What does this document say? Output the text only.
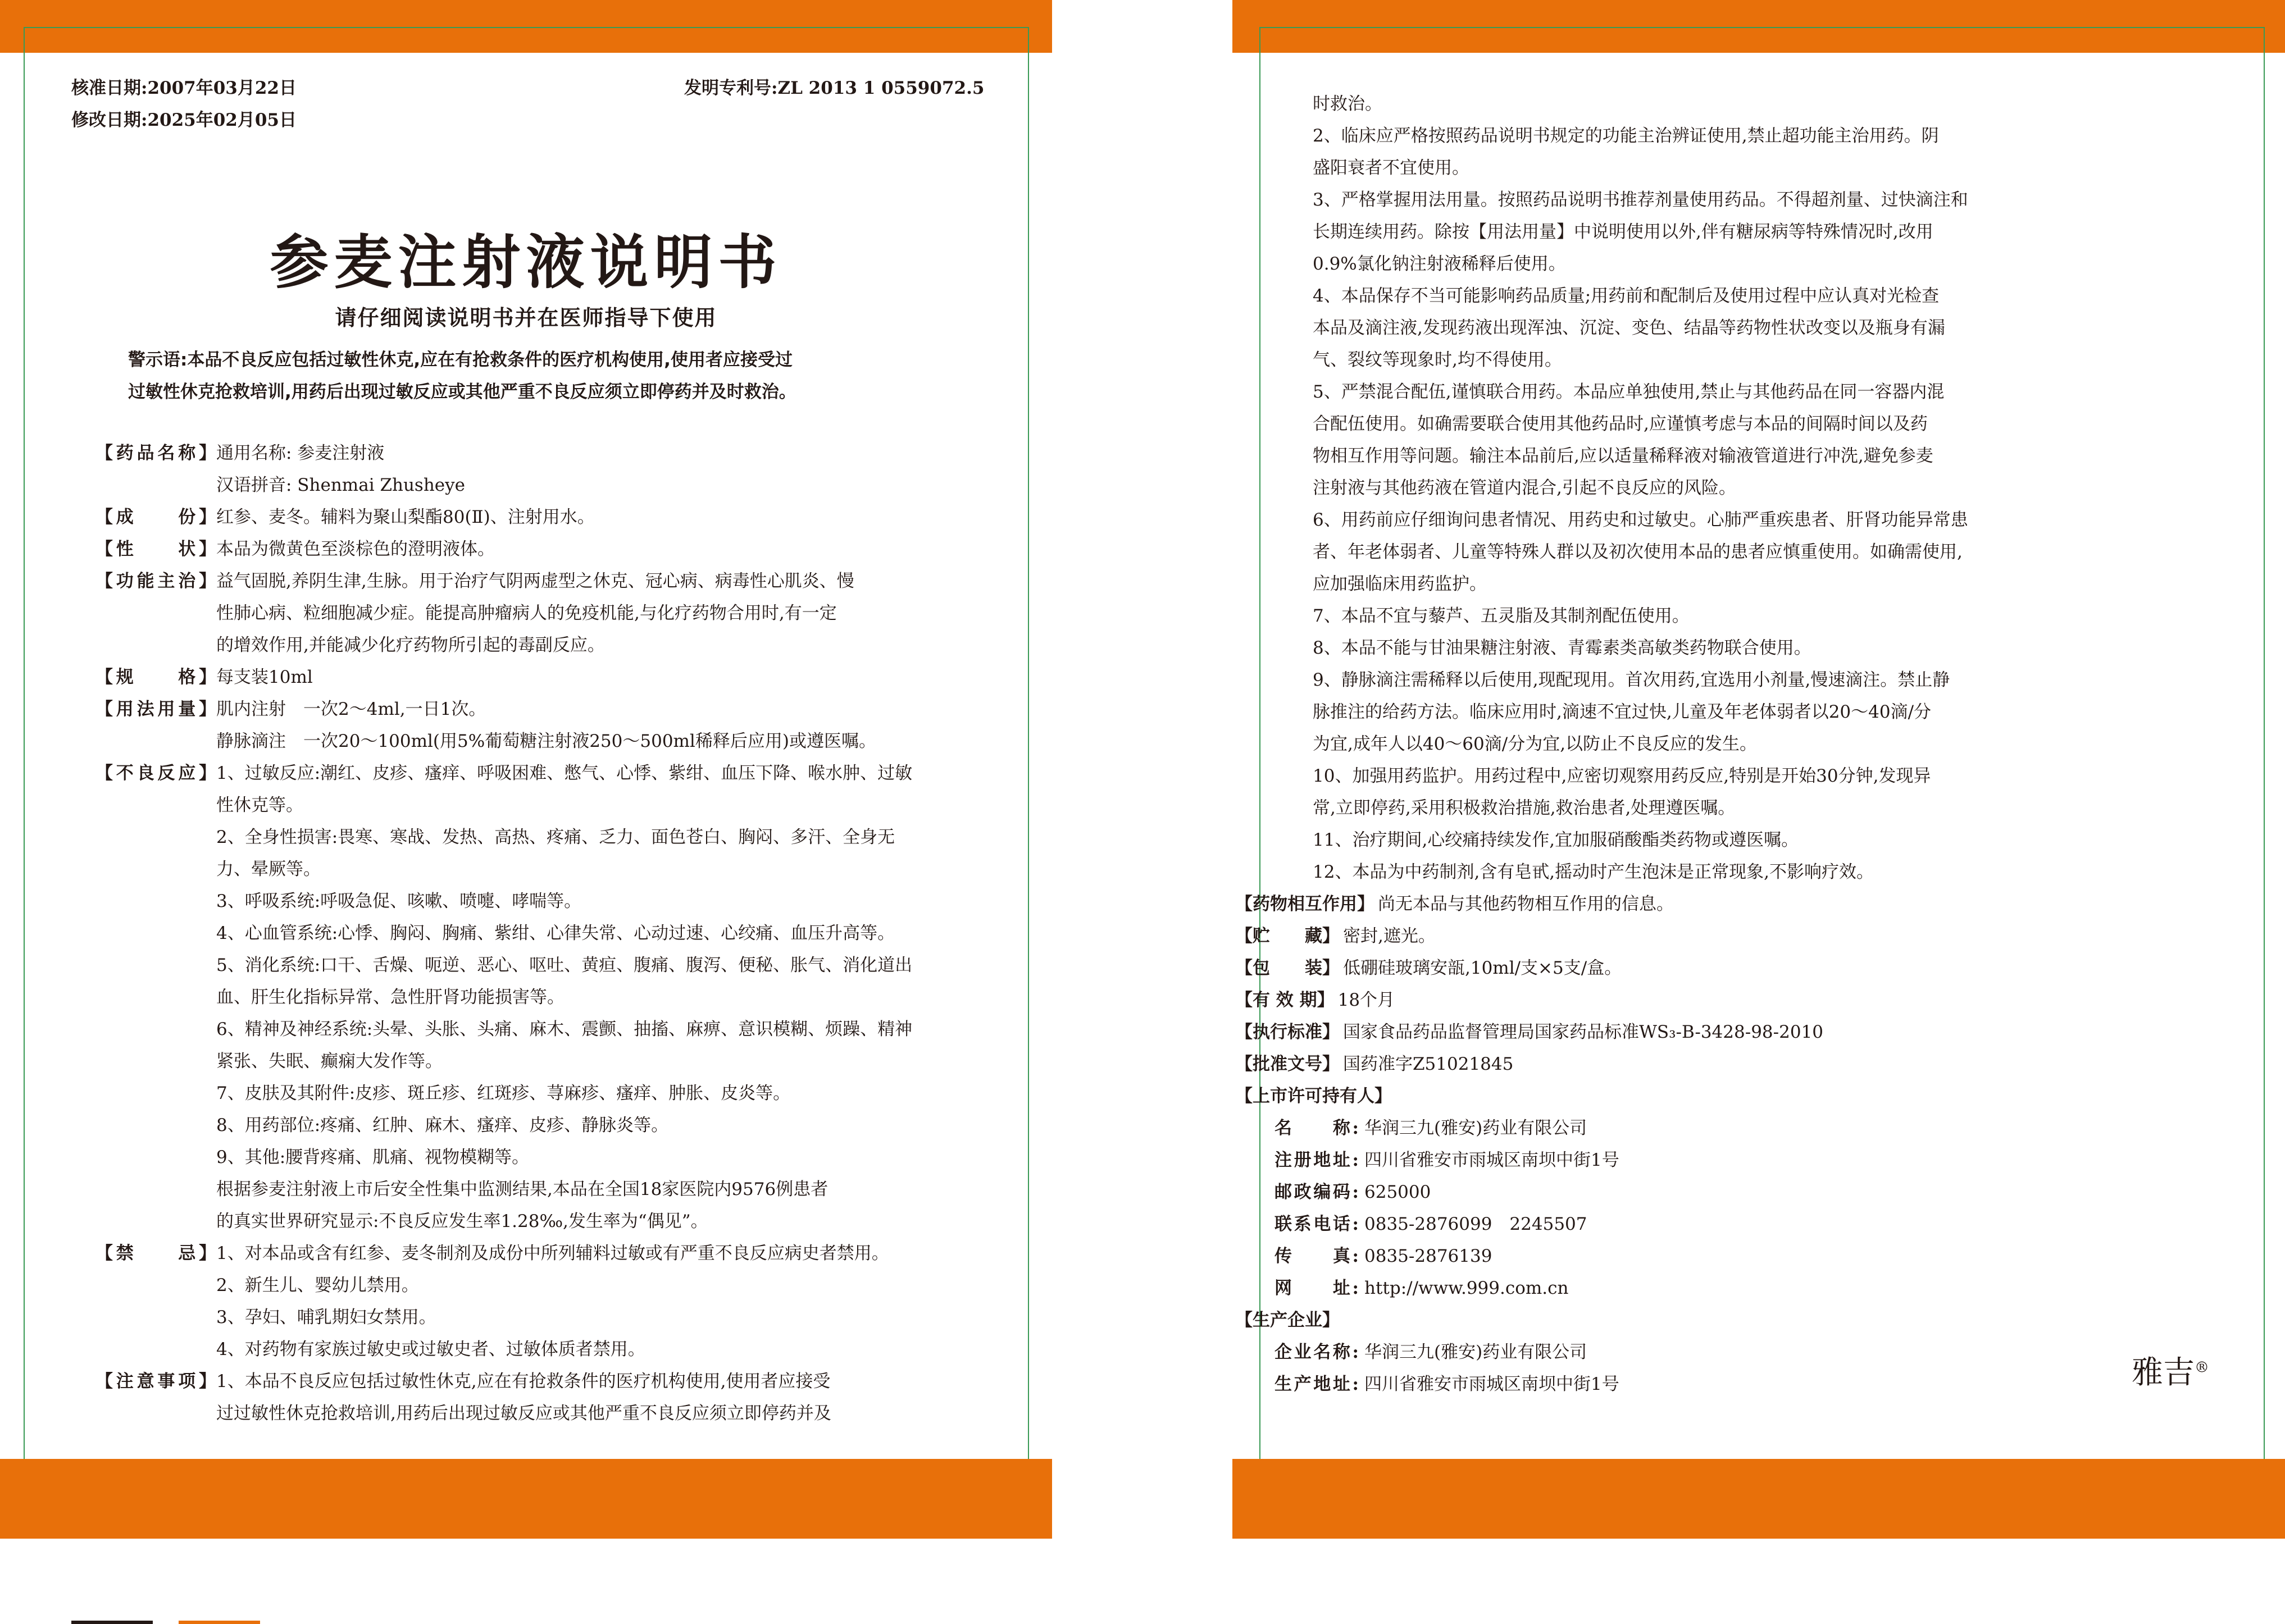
核准日期:2007年03月22日
修改日期:2025年02月05日
发明专利号:ZL 2013 1 0559072.5
参麦注射液说明书
请仔细阅读说明书并在医师指导下使用
警示语:本品不良反应包括过敏性休克,应在有抢救条件的医疗机构使用,使用者应接受过
过敏性休克抢救培训,用药后出现过敏反应或其他严重不良反应须立即停药并及时救治。
【药品名称】 通用名称: 参麦注射液
汉语拼音: Shenmai Zhusheye
【成　　份】 红参、麦冬。辅料为聚山梨酯80(Ⅱ)、注射用水。
【性　　状】 本品为微黄色至淡棕色的澄明液体。
【功能主治】 益气固脱,养阴生津,生脉。用于治疗气阴两虚型之休克、冠心病、病毒性心肌炎、慢
性肺心病、粒细胞减少症。能提高肿瘤病人的免疫机能,与化疗药物合用时,有一定
的增效作用,并能减少化疗药物所引起的毒副反应。
【规　　格】 每支装10ml
【用法用量】 肌内注射　一次2～4ml,一日1次。
静脉滴注　一次20～100ml(用5%葡萄糖注射液250～500ml稀释后应用)或遵医嘱。
【不良反应】 1、过敏反应:潮红、皮疹、瘙痒、呼吸困难、憋气、心悸、紫绀、血压下降、喉水肿、过敏
性休克等。
2、全身性损害:畏寒、寒战、发热、高热、疼痛、乏力、面色苍白、胸闷、多汗、全身无
力、晕厥等。
3、呼吸系统:呼吸急促、咳嗽、喷嚏、哮喘等。
4、心血管系统:心悸、胸闷、胸痛、紫绀、心律失常、心动过速、心绞痛、血压升高等。
5、消化系统:口干、舌燥、呃逆、恶心、呕吐、黄疸、腹痛、腹泻、便秘、胀气、消化道出
血、肝生化指标异常、急性肝肾功能损害等。
6、精神及神经系统:头晕、头胀、头痛、麻木、震颤、抽搐、麻痹、意识模糊、烦躁、精神
紧张、失眠、癫痫大发作等。
7、皮肤及其附件:皮疹、斑丘疹、红斑疹、荨麻疹、瘙痒、肿胀、皮炎等。
8、用药部位:疼痛、红肿、麻木、瘙痒、皮疹、静脉炎等。
9、其他:腰背疼痛、肌痛、视物模糊等。
根据参麦注射液上市后安全性集中监测结果,本品在全国18家医院内9576例患者
的真实世界研究显示:不良反应发生率1.28‰,发生率为“偶见”。
【禁　　忌】 1、对本品或含有红参、麦冬制剂及成份中所列辅料过敏或有严重不良反应病史者禁用。
2、新生儿、婴幼儿禁用。
3、孕妇、哺乳期妇女禁用。
4、对药物有家族过敏史或过敏史者、过敏体质者禁用。
【注意事项】 1、本品不良反应包括过敏性休克,应在有抢救条件的医疗机构使用,使用者应接受
过过敏性休克抢救培训,用药后出现过敏反应或其他严重不良反应须立即停药并及
时救治。
2、临床应严格按照药品说明书规定的功能主治辨证使用,禁止超功能主治用药。阴
盛阳衰者不宜使用。
3、严格掌握用法用量。按照药品说明书推荐剂量使用药品。不得超剂量、过快滴注和
长期连续用药。除按【用法用量】中说明使用以外,伴有糖尿病等特殊情况时,改用
0.9%氯化钠注射液稀释后使用。
4、本品保存不当可能影响药品质量;用药前和配制后及使用过程中应认真对光检查
本品及滴注液,发现药液出现浑浊、沉淀、变色、结晶等药物性状改变以及瓶身有漏
气、裂纹等现象时,均不得使用。
5、严禁混合配伍,谨慎联合用药。本品应单独使用,禁止与其他药品在同一容器内混
合配伍使用。如确需要联合使用其他药品时,应谨慎考虑与本品的间隔时间以及药
物相互作用等问题。输注本品前后,应以适量稀释液对输液管道进行冲洗,避免参麦
注射液与其他药液在管道内混合,引起不良反应的风险。
6、用药前应仔细询问患者情况、用药史和过敏史。心肺严重疾患者、肝肾功能异常患
者、年老体弱者、儿童等特殊人群以及初次使用本品的患者应慎重使用。如确需使用,
应加强临床用药监护。
7、本品不宜与藜芦、五灵脂及其制剂配伍使用。
8、本品不能与甘油果糖注射液、青霉素类高敏类药物联合使用。
9、静脉滴注需稀释以后使用,现配现用。首次用药,宜选用小剂量,慢速滴注。禁止静
脉推注的给药方法。临床应用时,滴速不宜过快,儿童及年老体弱者以20～40滴/分
为宜,成年人以40～60滴/分为宜,以防止不良反应的发生。
10、加强用药监护。用药过程中,应密切观察用药反应,特别是开始30分钟,发现异
常,立即停药,采用积极救治措施,救治患者,处理遵医嘱。
11、治疗期间,心绞痛持续发作,宜加服硝酸酯类药物或遵医嘱。
12、本品为中药制剂,含有皂甙,摇动时产生泡沫是正常现象,不影响疗效。
【药物相互作用】 尚无本品与其他药物相互作用的信息。
【贮　　藏】 密封,遮光。
【包　　装】 低硼硅玻璃安瓿,10ml/支×5支/盒。
【有 效 期】 18个月
【执行标准】 国家食品药品监督管理局国家药品标准WS₃-B-3428-98-2010
【批准文号】 国药准字Z51021845
【上市许可持有人】
名　　称: 华润三九(雅安)药业有限公司
注册地址: 四川省雅安市雨城区南坝中街1号
邮政编码: 625000
联系电话: 0835-2876099　2245507
传　　真: 0835-2876139
网　　址: http://www.999.com.cn
【生产企业】
企业名称: 华润三九(雅安)药业有限公司
生产地址: 四川省雅安市雨城区南坝中街1号	雅吉®
